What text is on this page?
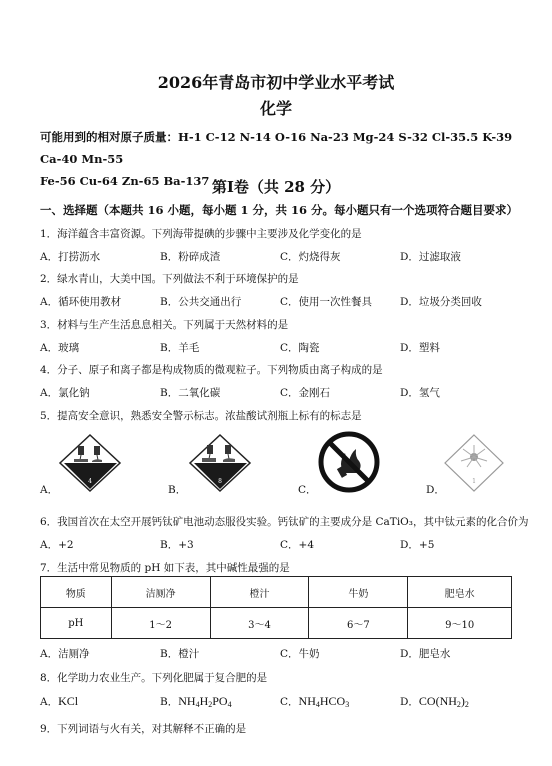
2026年青岛市初中学业水平考试
化学
可能用到的相对原子质量：H-1 C-12 N-14 O-16 Na-23 Mg-24 S-32 Cl-35.5 K-39 Ca-40 Mn-55
Fe-56 Cu-64 Zn-65 Ba-137 第Ⅰ卷（共 28 分）
一、选择题（本题共 16 小题，每小题 1 分，共 16 分。每小题只有一个选项符合题目要求）
1．海洋蕴含丰富资源。下列海带提碘的步骤中主要涉及化学变化的是
A．打捞沥水	B．粉碎成渣	C．灼烧得灰	D．过滤取液
2．绿水青山，大美中国。下列做法不利于环境保护的是
A．循环使用教材	B．公共交通出行	C．使用一次性餐具	D．垃圾分类回收
3．材料与生产生活息息相关。下列属于天然材料的是
A．玻璃	B．羊毛	C．陶瓷	D．塑料
4．分子、原子和离子都是构成物质的微观粒子。下列物质由离子构成的是
A．氯化钠	B．二氧化碳	C．金刚石	D．氢气
5．提高安全意识，熟悉安全警示标志。浓盐酸试剂瓶上标有的标志是
4
A．
8
B．	C．
1
D．
6．我国首次在太空开展钙钛矿电池动态服役实验。钙钛矿的主要成分是 CaTiO₃，其中钛元素的化合价为
A．+2	B．+3	C．+4	D．+5
7．生活中常见物质的 pH 如下表，其中碱性最强的是
物质	洁厕净	橙汁	牛奶	肥皂水
pH	1～2	3～4	6～7	9～10
A．洁厕净	B．橙汁	C．牛奶	D．肥皂水
8．化学助力农业生产。下列化肥属于复合肥的是
A．KCl	B．$NH_4H_2PO_4$	C．$NH_4HCO_3$	D．$CO(NH_2)_2$
9．下列词语与火有关，对其解释不正确的是
